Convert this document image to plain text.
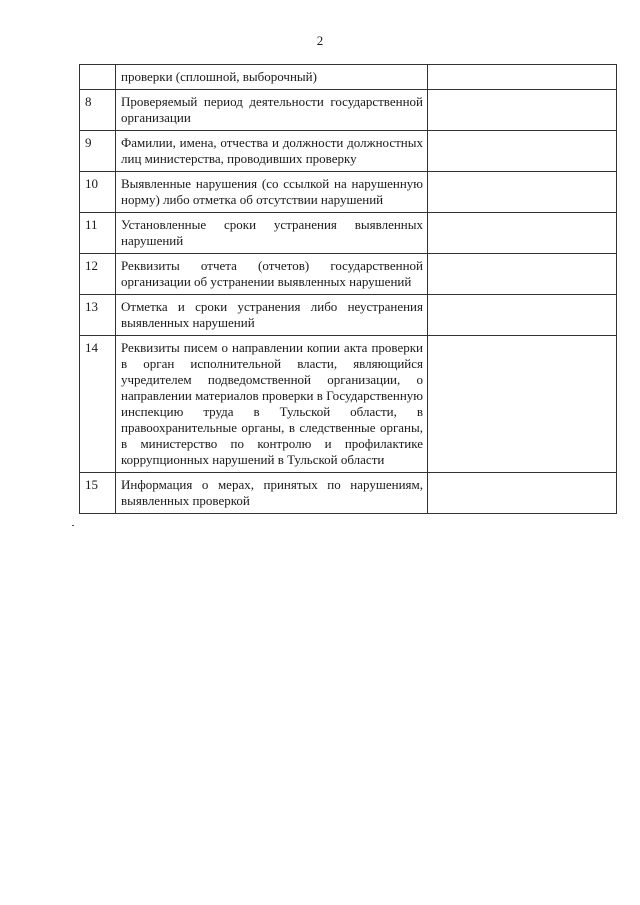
2
	проверки (сплошной, выборочный)	
8	Проверяемый период деятельности государственной организации	
9	Фамилии, имена, отчества и должности должностных лиц министерства, проводивших проверку	
10	Выявленные нарушения (со ссылкой на нарушенную норму) либо отметка об отсутствии нарушений	
11	Установленные сроки устранения выявленных нарушений	
12	Реквизиты отчета (отчетов) государственной организации об устранении выявленных нарушений	
13	Отметка и сроки устранения либо неустранения выявленных нарушений	
14	Реквизиты писем о направлении копии акта проверки в орган исполнительной власти, являющийся учредителем подведомственной организации, о направлении материалов проверки в Государственную инспекцию труда в Тульской области, в правоохранительные органы, в следственные органы, в министерство по контролю и профилактике коррупционных нарушений в Тульской области	
15	Информация о мерах, принятых по нарушениям, выявленных проверкой	
